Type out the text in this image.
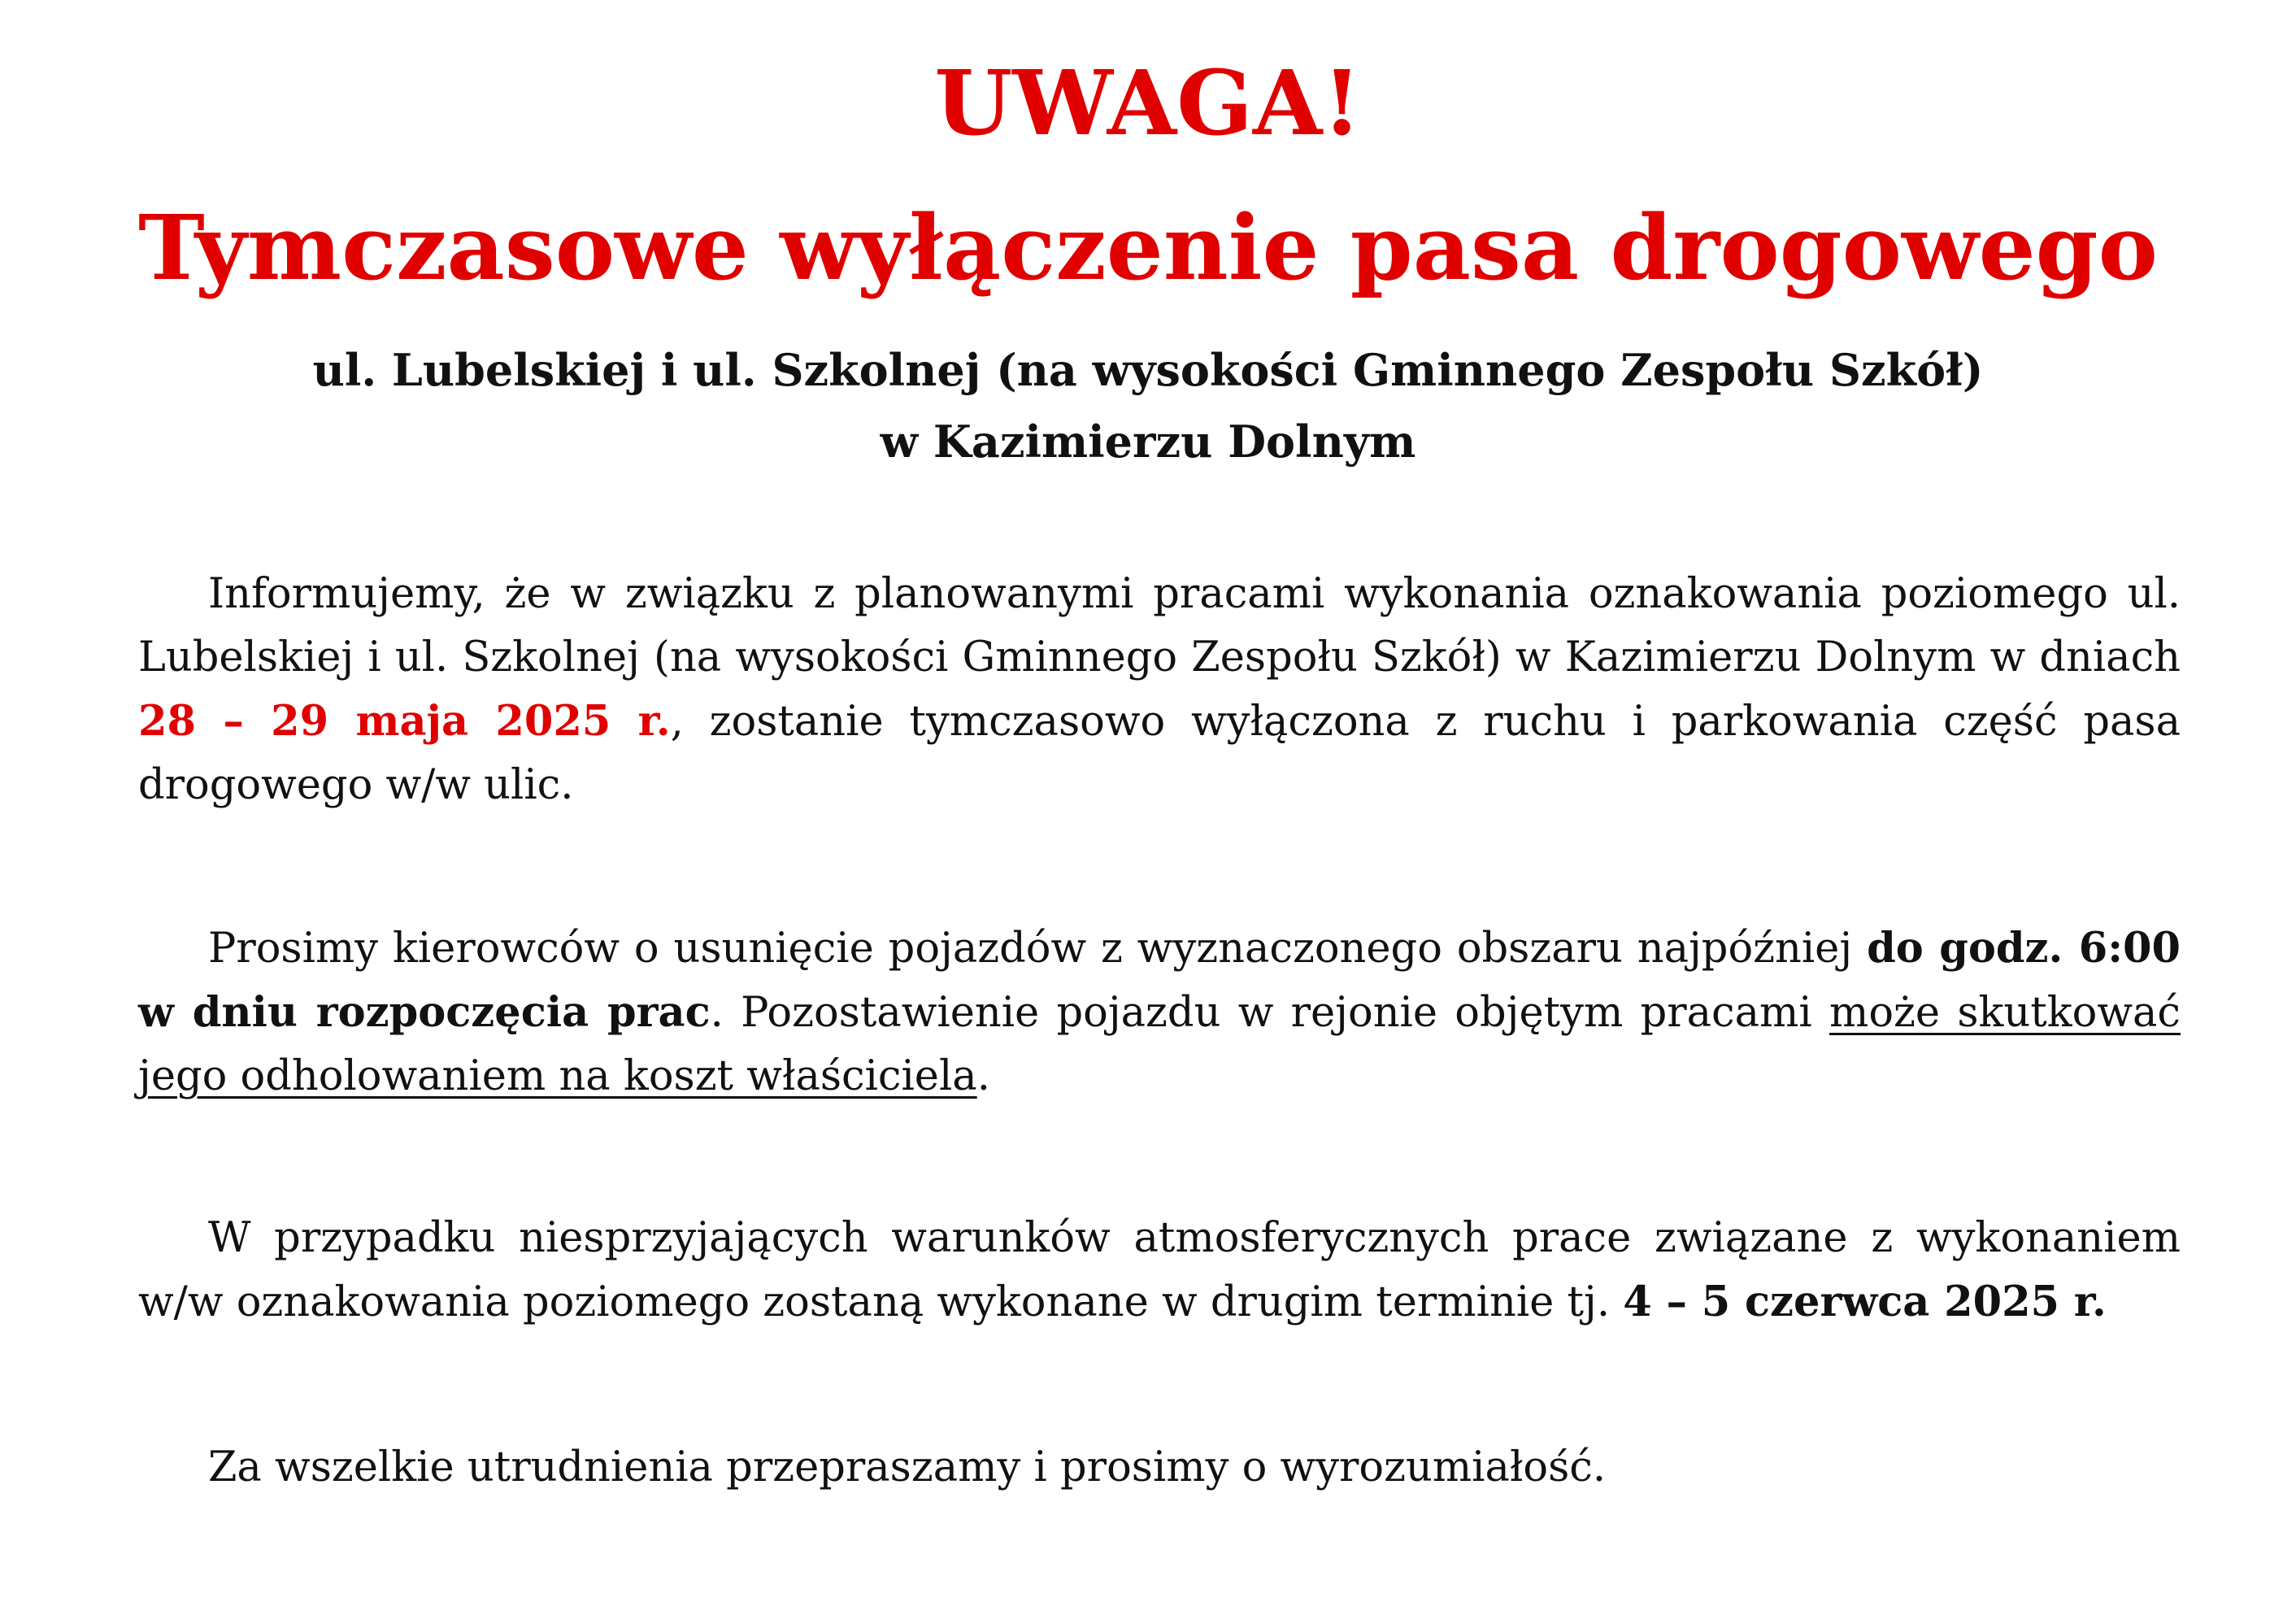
UWAGA!
Tymczasowe wyłączenie pasa drogowego
ul. Lubelskiej i ul. Szkolnej (na wysokości Gminnego Zespołu Szkół)
w Kazimierzu Dolnym

Informujemy, że w związku z planowanymi pracami wykonania oznakowania poziomego ul. Lubelskiej i ul. Szkolnej (na wysokości Gminnego Zespołu Szkół) w Kazimierzu Dolnym w dniach 28 – 29 maja 2025 r., zostanie tymczasowo wyłączona z ruchu i parkowania część pasa drogowego w/w ulic.

Prosimy kierowców o usunięcie pojazdów z wyznaczonego obszaru najpóźniej do godz. 6:00 w dniu rozpoczęcia prac. Pozostawienie pojazdu w rejonie objętym pracami może skutkować jego odholowaniem na koszt właściciela.

W przypadku niesprzyjających warunków atmosferycznych prace związane z wykonaniem w/w oznakowania poziomego zostaną wykonane w drugim terminie tj. 4 – 5 czerwca 2025 r.

Za wszelkie utrudnienia przepraszamy i prosimy o wyrozumiałość.
